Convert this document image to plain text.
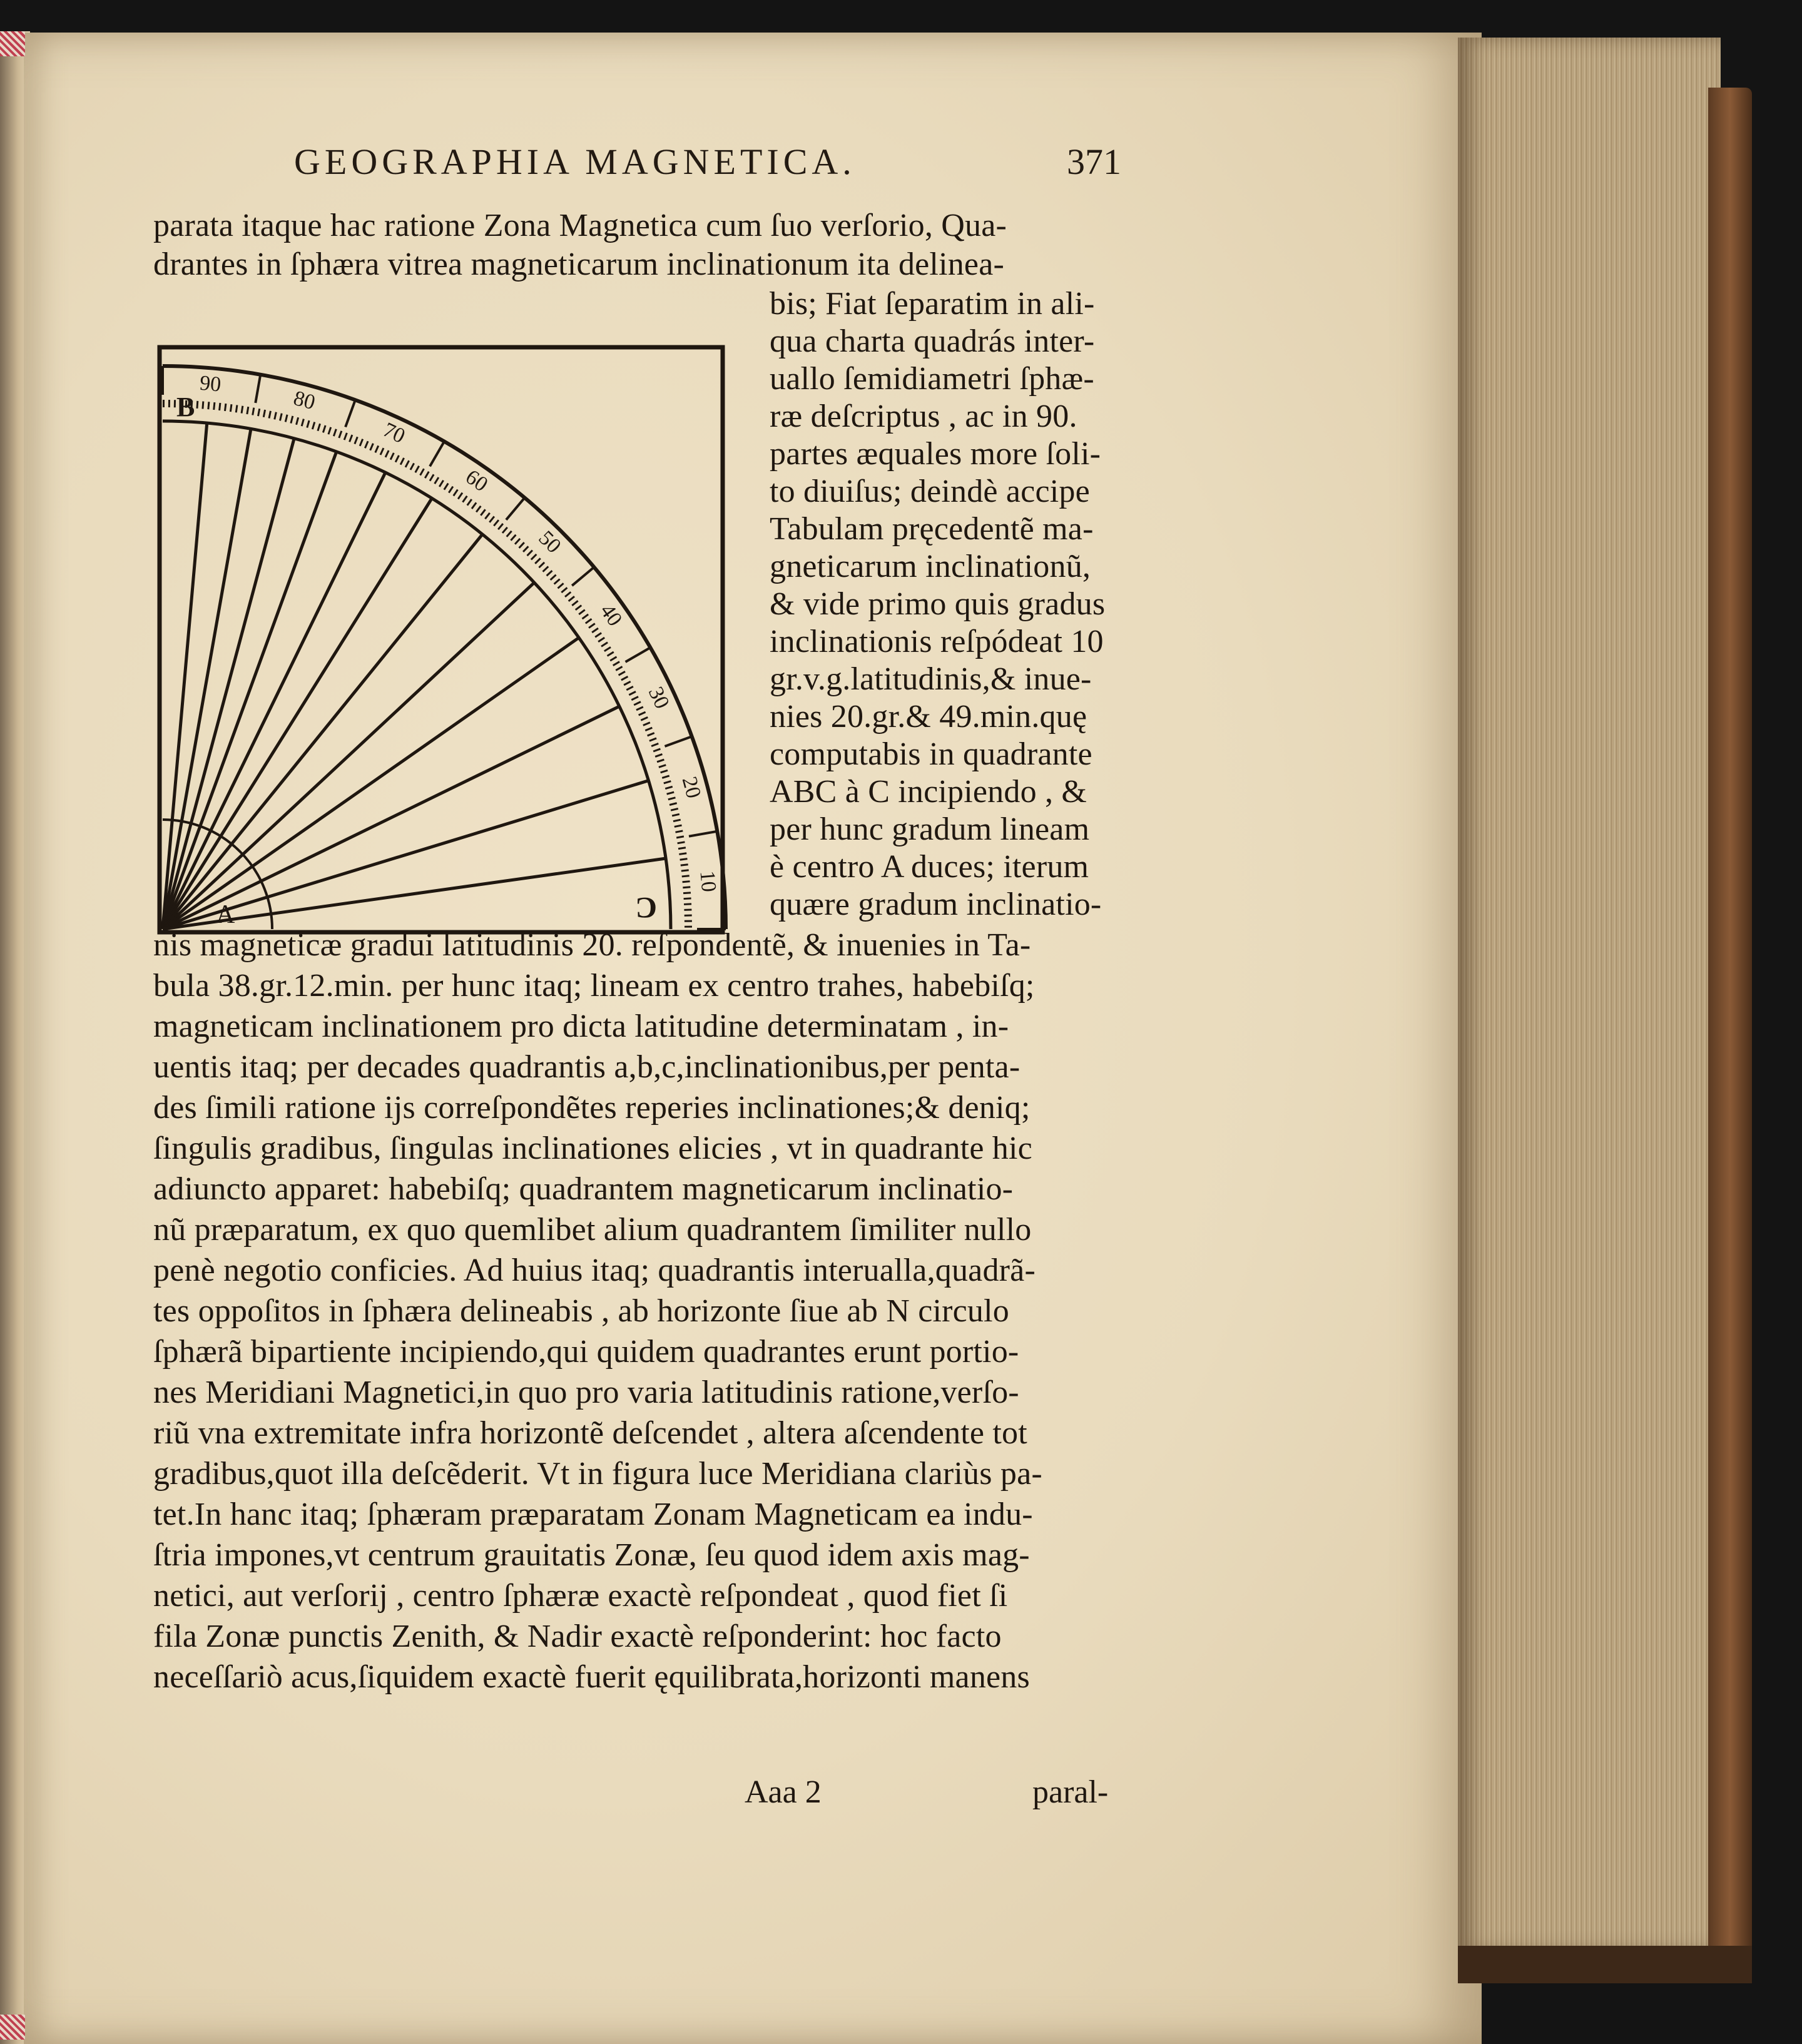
GEOGRAPHIA MAGNETICA.	371
parata itaque hac ratione Zona Magnetica cum ſuo verſorio, Qua-
drantes in ſphæra vitrea magneticarum inclinationum ita delinea-
bis; Fiat ſeparatim in ali-
qua charta quadrás inter-
uallo ſemidiametri ſphæ-
ræ deſcriptus , ac in 90.
partes æquales more ſoli-
to diuiſus; deindè accipe
Tabulam pręcedentẽ ma-
gneticarum inclinationũ,
& vide primo quis gradus
inclinationis reſpódeat 10
gr.v.g.latitudinis,& inue-
nies 20.gr.& 49.min.quę
computabis in quadrante
ABC à C incipiendo , &
per hunc gradum lineam
è centro A duces; iterum
quære gradum inclinatio-
nis magneticæ gradui latitudinis 20. reſpondentẽ, & inuenies in Ta-
bula 38.gr.12.min. per hunc itaq; lineam ex centro trahes, habebiſq;
magneticam inclinationem pro dicta latitudine determinatam , in-
uentis itaq; per decades quadrantis a,b,c,inclinationibus,per penta-
des ſimili ratione ijs correſpondẽtes reperies inclinationes;& deniq;
ſingulis gradibus, ſingulas inclinationes elicies , vt in quadrante hic
adiuncto apparet: habebiſq; quadrantem magneticarum inclinatio-
nũ præparatum, ex quo quemlibet alium quadrantem ſimiliter nullo
penè negotio conficies. Ad huius itaq; quadrantis interualla,quadrã-
tes oppoſitos in ſphæra delineabis , ab horizonte ſiue ab N circulo
ſphærã bipartiente incipiendo,qui quidem quadrantes erunt portio-
nes Meridiani Magnetici,in quo pro varia latitudinis ratione,verſo-
riũ vna extremitate infra horizontẽ deſcendet , altera aſcendente tot
gradibus,quot illa deſcẽderit. Vt in figura luce Meridiana clariùs pa-
tet.In hanc itaq; ſphæram præparatam Zonam Magneticam ea indu-
ſtria impones,vt centrum grauitatis Zonæ, ſeu quod idem axis mag-
netici, aut verſorij , centro ſphæræ exactè reſpondeat , quod fiet ſi
fila Zonæ punctis Zenith, & Nadir exactè reſponderint: hoc facto
neceſſariò acus,ſiquidem exactè fuerit ęquilibrata,horizonti manens
90
80
70
60
50
40
30
20
10
B
A	C
Aaa 2	paral-
